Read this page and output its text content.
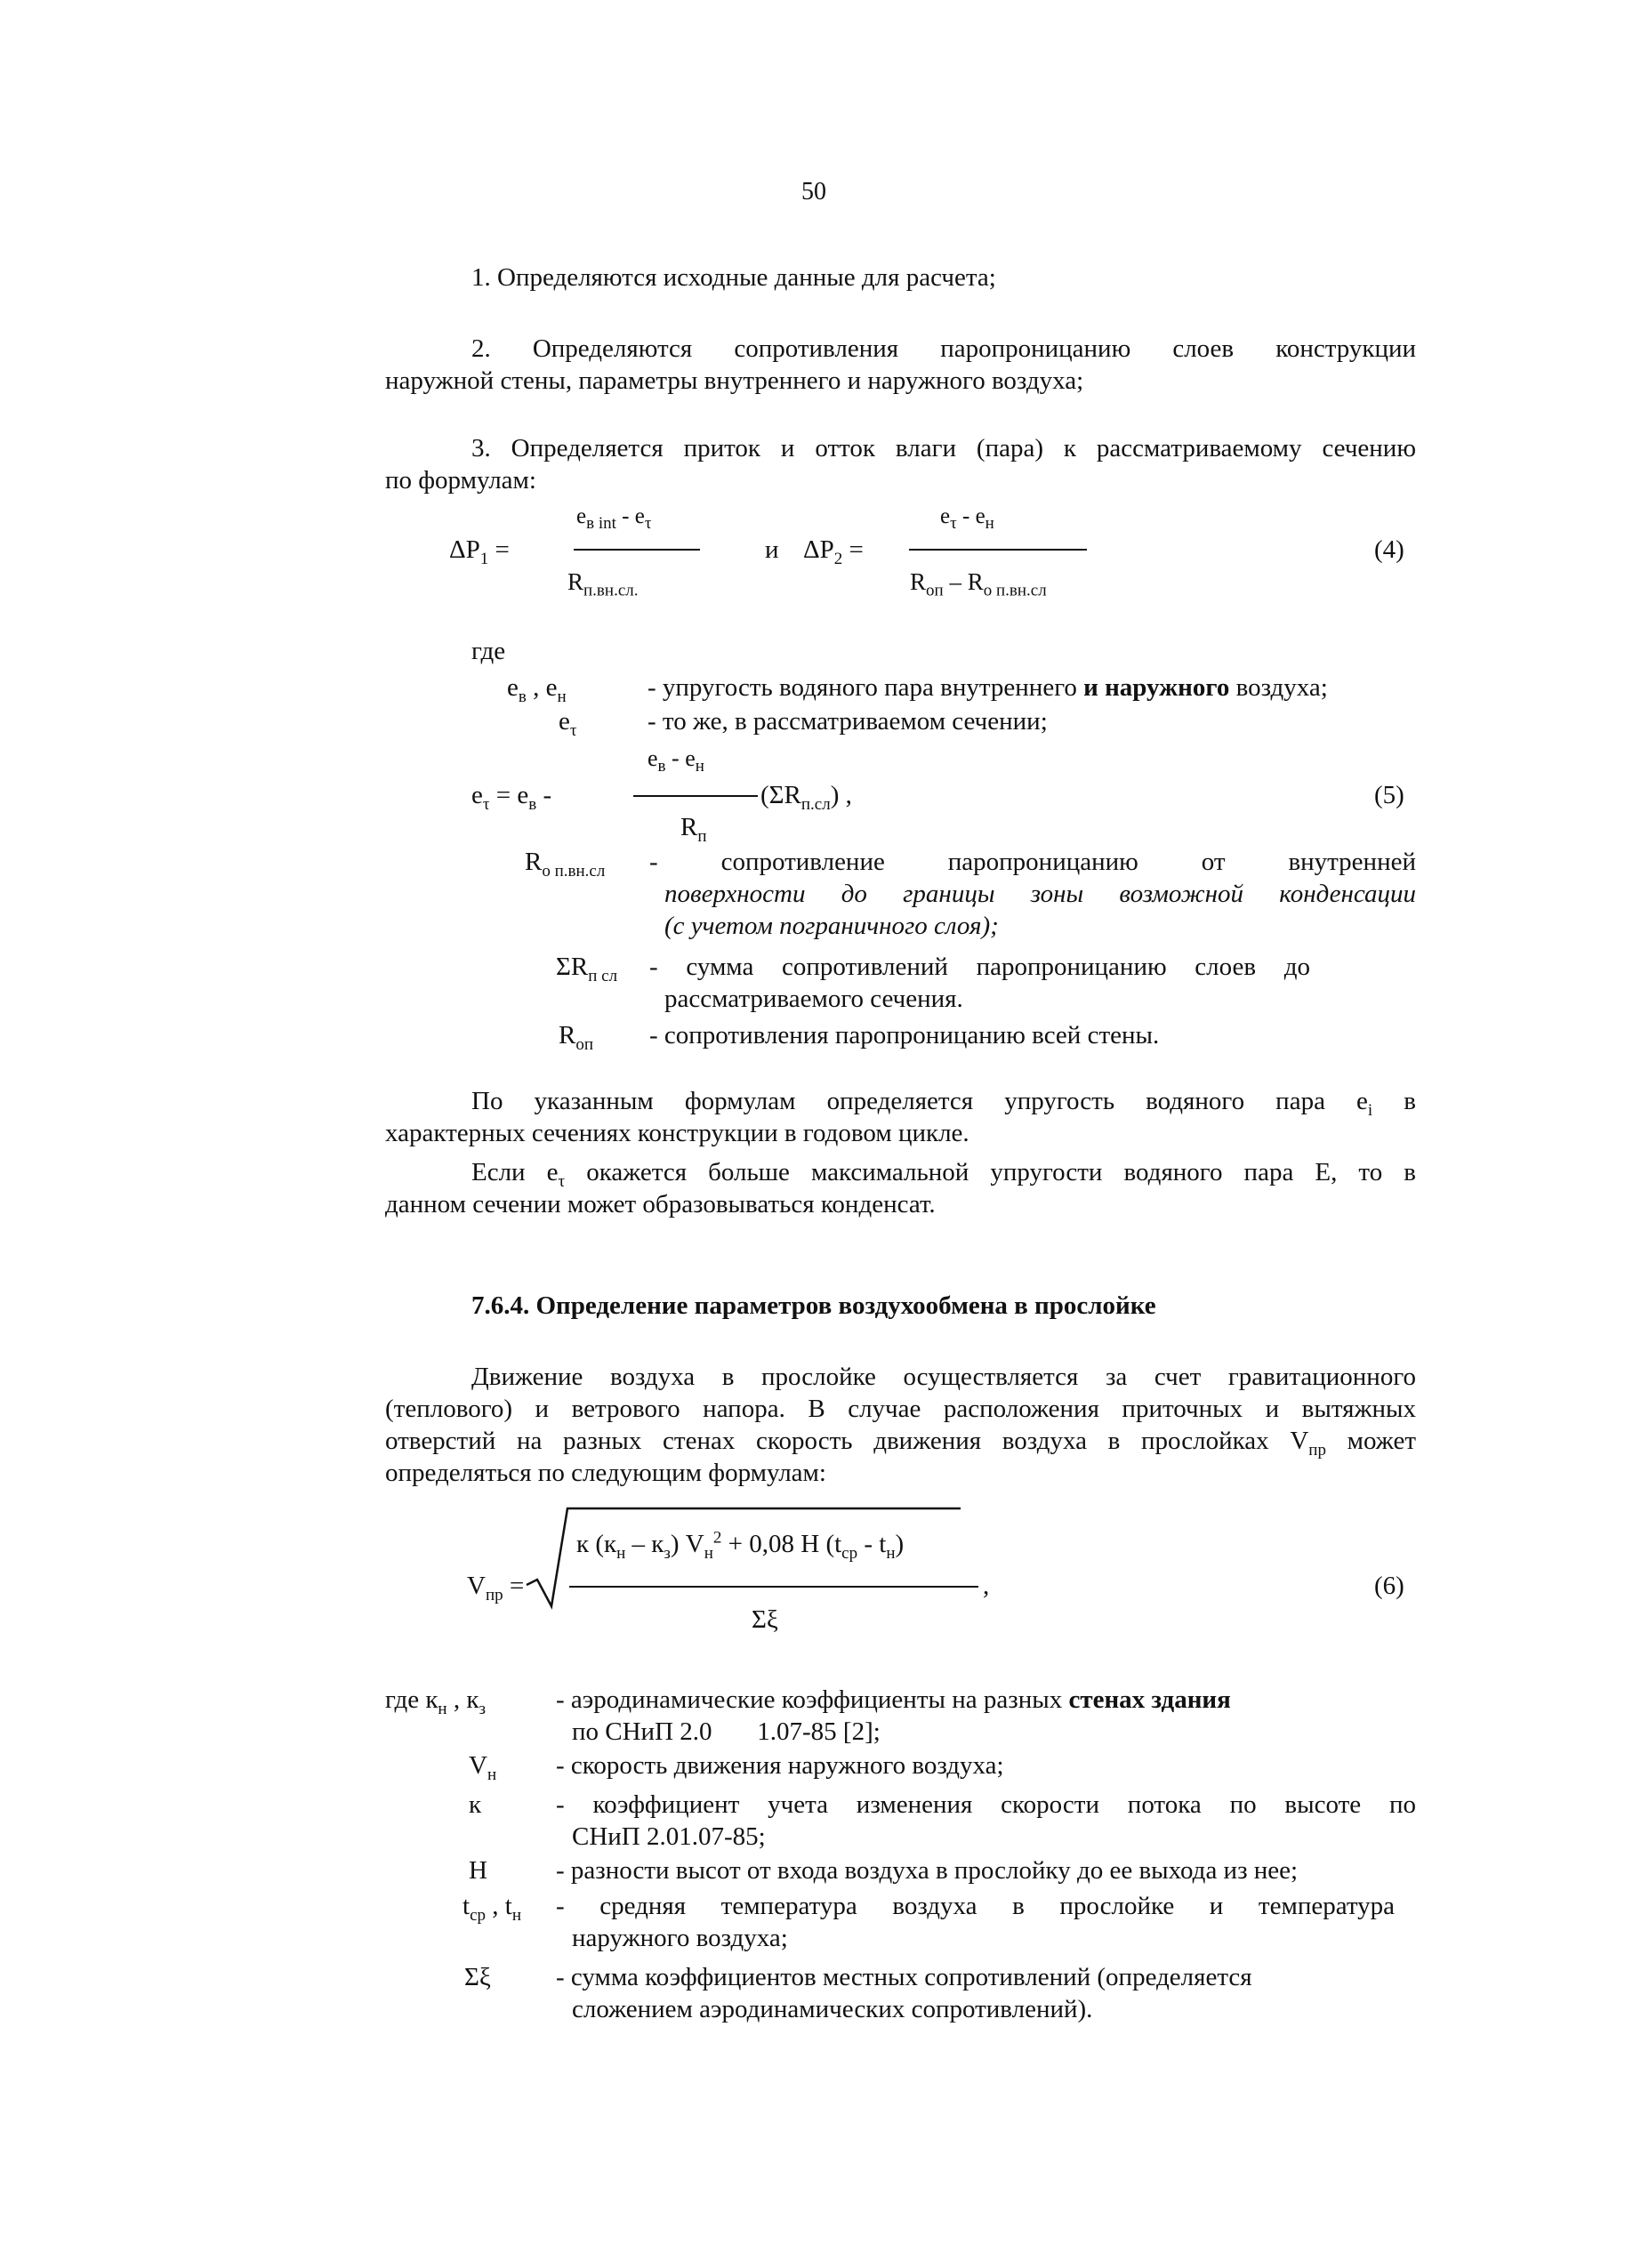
50
1. Определяются исходные данные для расчета;
2. Определяются сопротивления паропроницанию слоев конструкции
наружной стены, параметры внутреннего и наружного воздуха;
3. Определяется приток и отток влаги (пара) к рассматриваемому сечению
по формулам:
$\Delta P_1$ =
$e_{в int} - e_\tau$
$R_{п.вн.сл.}$
и $\Delta P_2$ =
$e_\tau - e_н$
$R_{оп} - R_{о п.вн.сл}$
(4)
где
$e_в$ , $e_н$	- упругость водяного пара внутреннего и наружного воздуха;
$e_\tau$	- то же, в рассматриваемом сечении;
$e_в - e_н$
$e_\tau = e_в$ -	$(\Sigma R_{п.сл})$ ,
$R_п$
(5)
$R_{о п.вн.сл}$ - сопротивление паропроницанию от внутренней
поверхности до границы зоны возможной конденсации
(с учетом пограничного слоя);
$\Sigma R_{п сл}$ - сумма сопротивлений паропроницанию слоев до
рассматриваемого сечения.
$R_{оп}$ - сопротивления паропроницанию всей стены.
По указанным формулам определяется упругость водяного пара $e_i$ в
характерных сечениях конструкции в годовом цикле.
Если $e_\tau$ окажется больше максимальной упругости водяного пара E, то в
данном сечении может образовываться конденсат.
7.6.4. Определение параметров воздухообмена в прослойке
Движение воздуха в прослойке осуществляется за счет гравитационного
(теплового) и ветрового напора. В случае расположения приточных и вытяжных
отверстий на разных стенах скорость движения воздуха в прослойках $V_{пр}$ может
определяться по следующим формулам:
к $(к_н - к_з) V_н^2 + 0,08$ H $(t_{ср} - t_н)$
$V_{пр}$ =	,
Σξ
(6)
где $к_н$ , $к_з$	- аэродинамические коэффициенты на разных стенах здания
по СНиП 2.0       1.07-85 [2];
$V_н$ - скорость движения наружного воздуха;
к	- коэффициент учета изменения скорости потока по высоте по
СНиП 2.01.07-85;
H	- разности высот от входа воздуха в прослойку до ее выхода из нее;
$t_{ср}$ , $t_н$ - средняя температура воздуха в прослойке и температура
наружного воздуха;
Σξ	- сумма коэффициентов местных сопротивлений (определяется
сложением аэродинамических сопротивлений).
